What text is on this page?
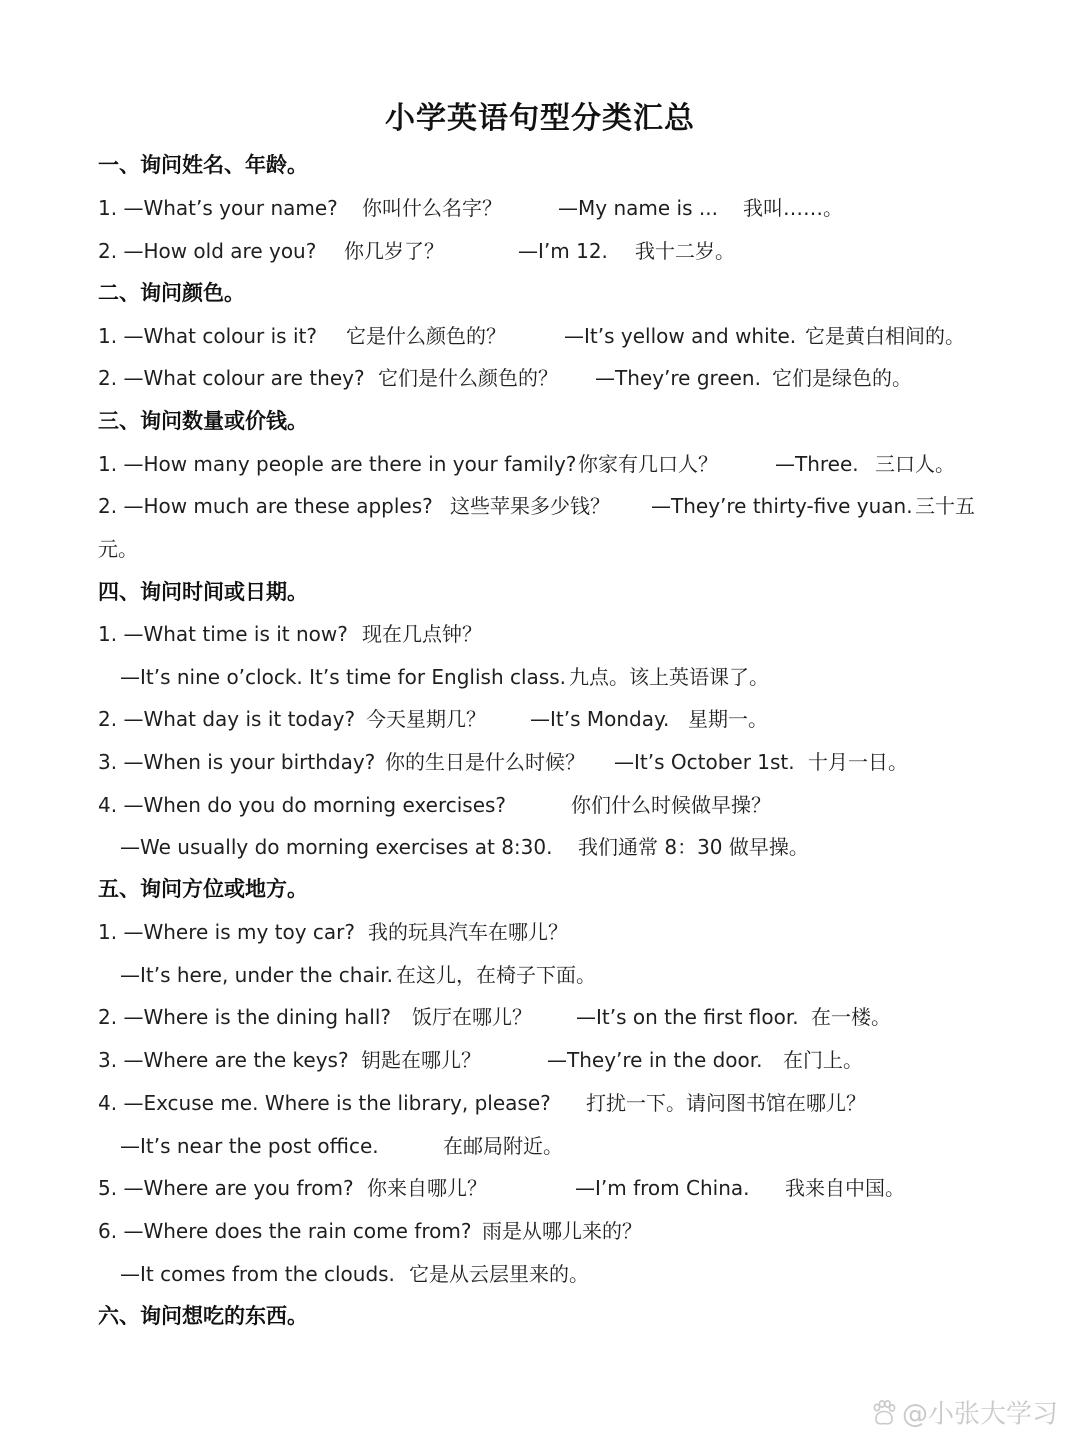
小学英语句型分类汇总
一、询问姓名、年龄。
1. —What’s your name? 你叫什么名字？	—My name is ... 我叫……。
2. —How old are you? 你几岁了？	—I’m 12. 我十二岁。
二、询问颜色。
1. —What colour is it? 它是什么颜色的？	—It’s yellow and white. 它是黄白相间的。
2. —What colour are they? 它们是什么颜色的？ —They’re green. 它们是绿色的。
三、询问数量或价钱。
1. —How many people are there in your family? 你家有几口人？	—Three. 三口人。
2. —How much are these apples? 这些苹果多少钱？ —They’re thirty-five yuan. 三十五
元。
四、询问时间或日期。
1. —What time is it now? 现在几点钟？
—It’s nine o’clock. It’s time for English class. 九点。该上英语课了。
2. —What day is it today? 今天星期几？ —It’s Monday. 星期一。
3. —When is your birthday? 你的生日是什么时候？ —It’s October 1st. 十月一日。
4. —When do you do morning exercises?	你们什么时候做早操？
—We usually do morning exercises at 8:30. 我们通常 8：30 做早操。
五、询问方位或地方。
1. —Where is my toy car? 我的玩具汽车在哪儿？
—It’s here, under the chair. 在这儿，在椅子下面。
2. —Where is the dining hall? 饭厅在哪儿？ —It’s on the first floor. 在一楼。
3. —Where are the keys? 钥匙在哪儿？	—They’re in the door. 在门上。
4. —Excuse me. Where is the library, please? 打扰一下。请问图书馆在哪儿？
—It’s near the post office.	在邮局附近。
5. —Where are you from? 你来自哪儿？	—I’m from China. 我来自中国。
6. —Where does the rain come from? 雨是从哪儿来的？
—It comes from the clouds. 它是从云层里来的。
六、询问想吃的东西。
@小张大学习
